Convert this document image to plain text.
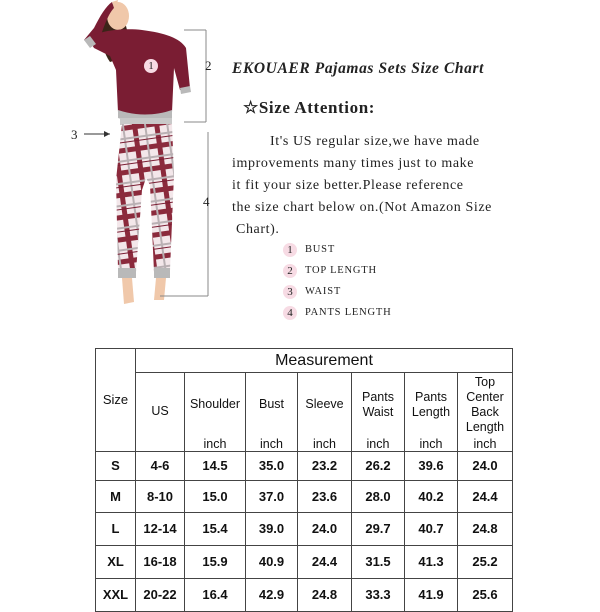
1	2
3
4
EKOUAER Pajamas Sets Size Chart
☆Size Attention:
It's US regular size,we have made
improvements many times just to make
it fit your size better.Please reference
the size chart below on.(Not Amazon Size
Chart).
1	BUST
2	TOP LENGTH
3	WAIST
4	PANTS LENGTH
Size	Measurement						
	US	Shoulder	Bust	Sleeve	Pants Waist	Pants Length	Top Center Back Length
		inch	inch	inch	inch	inch	inch
S	4-6	14.5	35.0	23.2	26.2	39.6	24.0
M	8-10	15.0	37.0	23.6	28.0	40.2	24.4
L	12-14	15.4	39.0	24.0	29.7	40.7	24.8
XL	16-18	15.9	40.9	24.4	31.5	41.3	25.2
XXL	20-22	16.4	42.9	24.8	33.3	41.9	25.6
